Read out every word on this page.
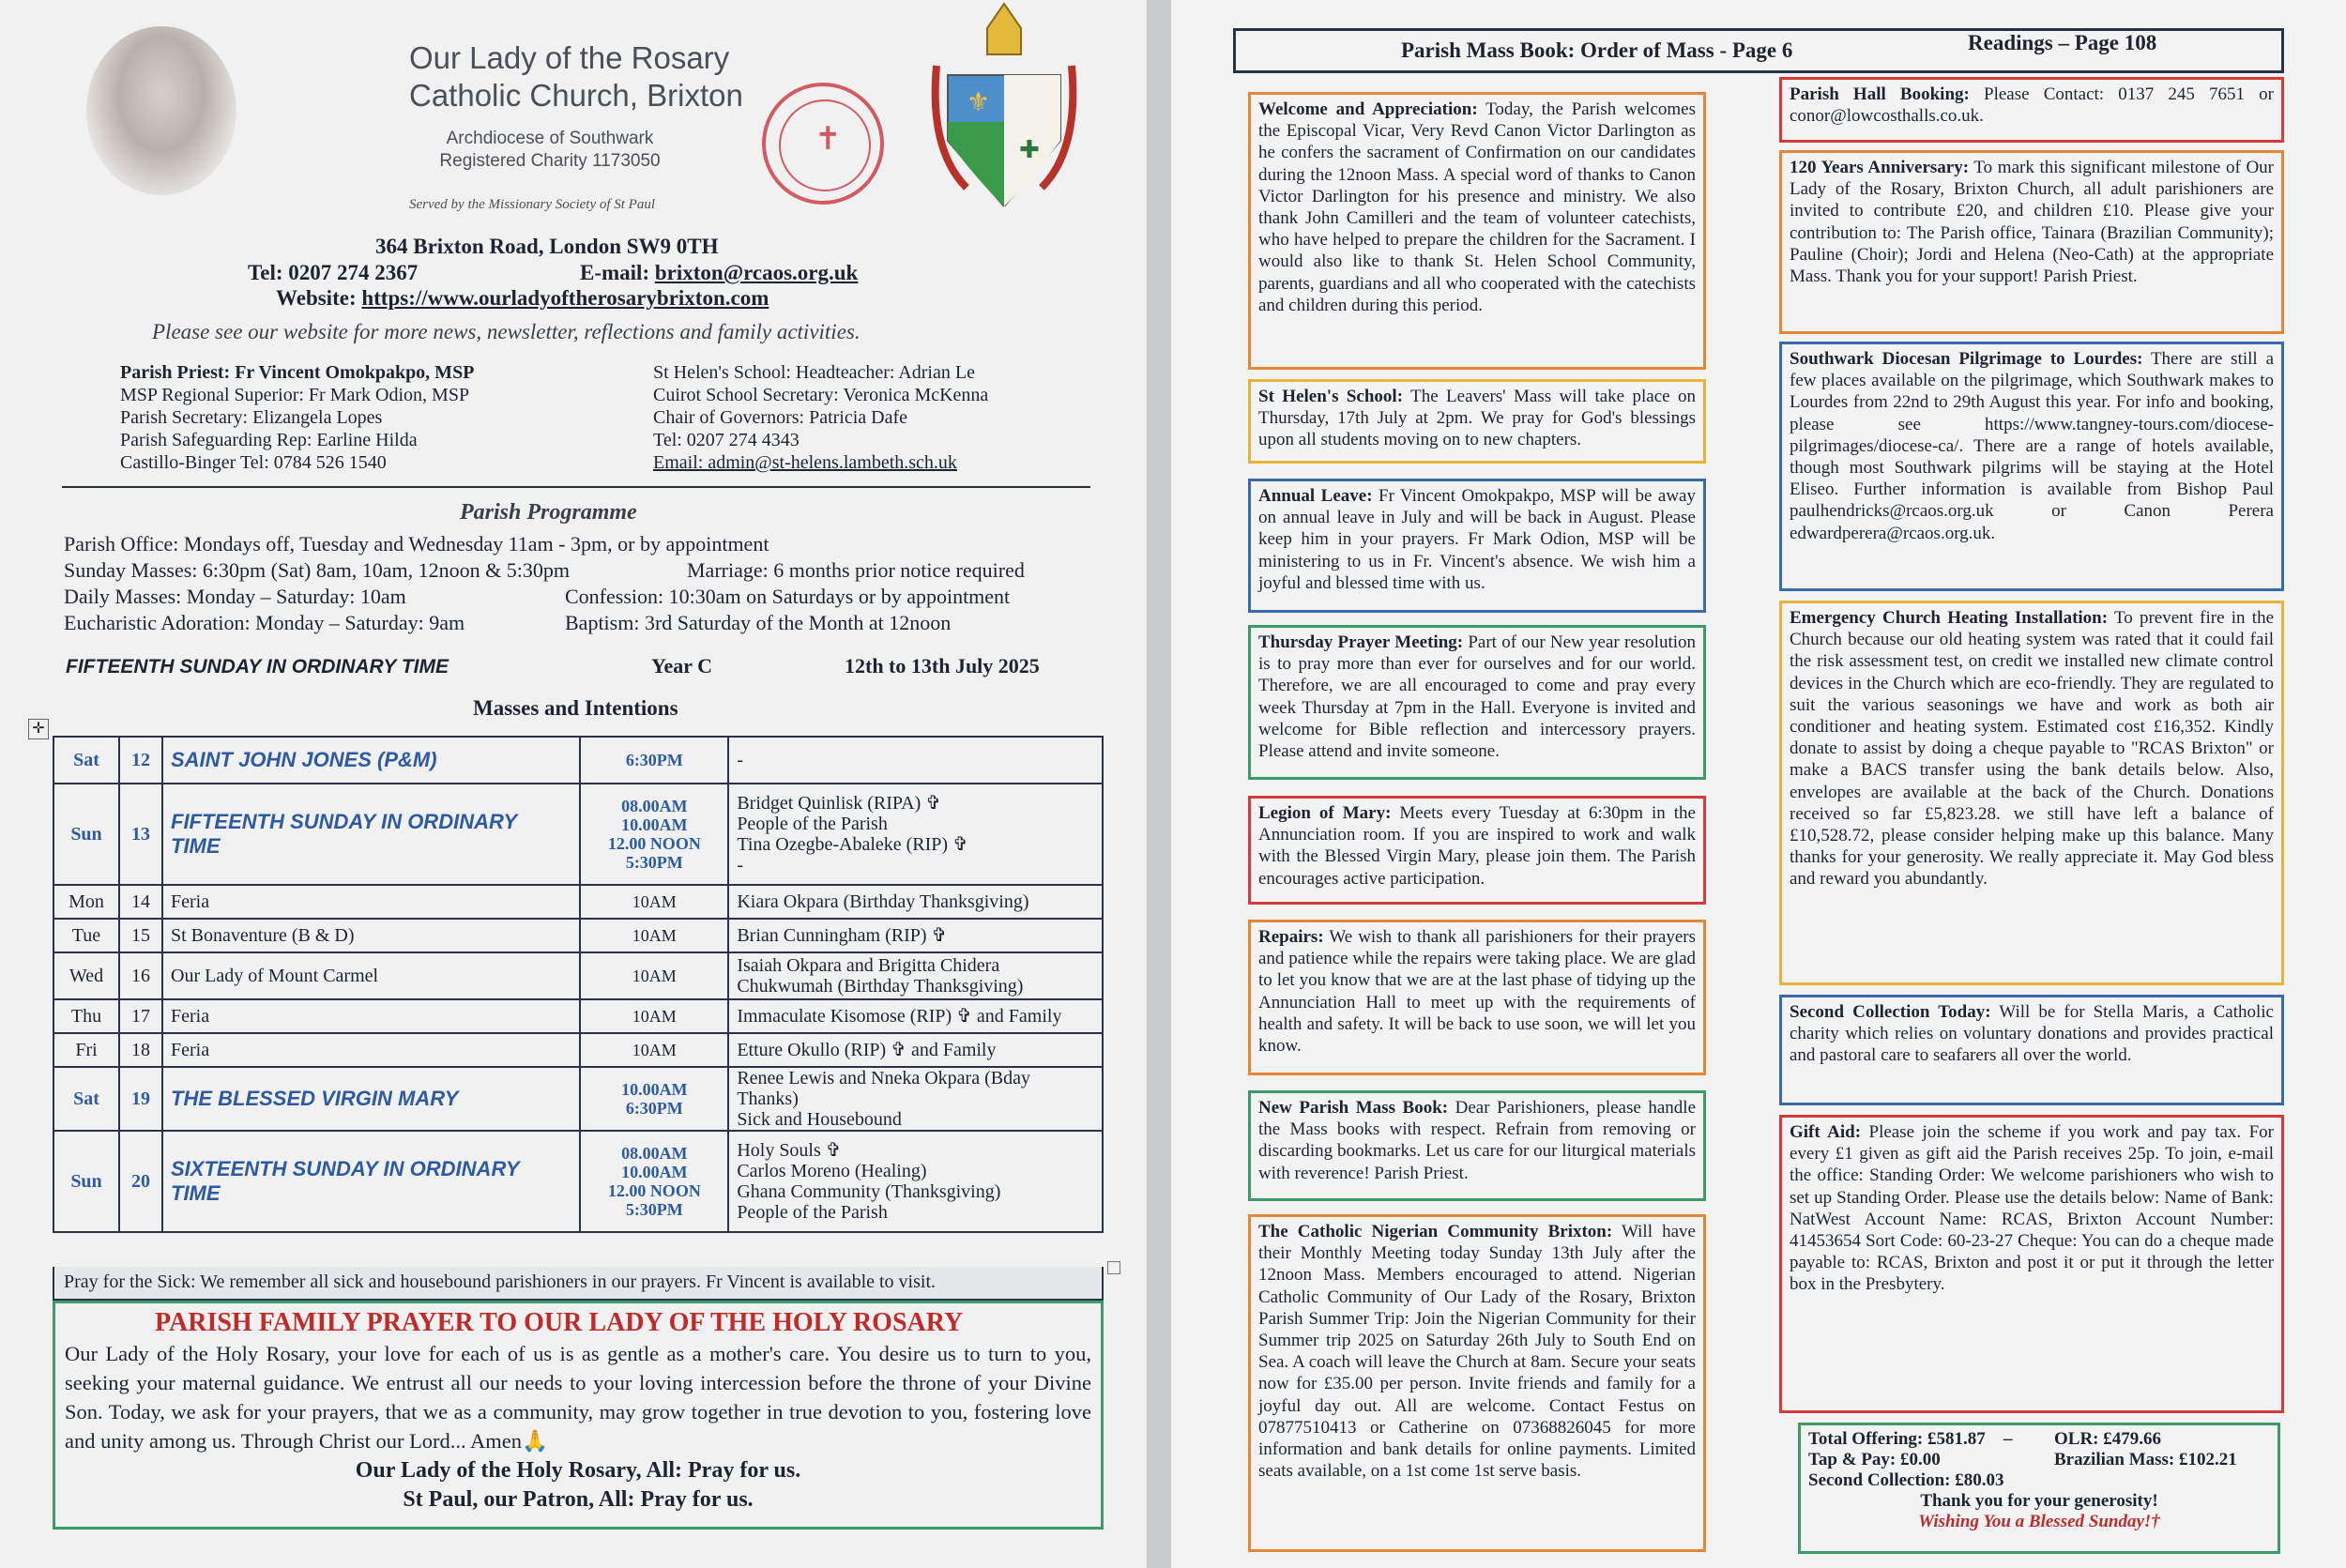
Our Lady of the Rosary
Catholic Church, Brixton
Archdiocese of Southwark
Registered Charity 1173050
Served by the Missionary Society of St Paul
✝
⚜
✚
364 Brixton Road, London SW9 0TH
Tel: 0207 274 2367	E-mail: brixton@rcaos.org.uk
Website: https://www.ourladyoftherosarybrixton.com
Please see our website for more news, newsletter, reflections and family activities.
Parish Priest: Fr Vincent Omokpakpo, MSP
MSP Regional Superior: Fr Mark Odion, MSP
Parish Secretary: Elizangela Lopes
Parish Safeguarding Rep: Earline Hilda
Castillo-Binger Tel: 0784 526 1540
St Helen's School: Headteacher: Adrian Le
Cuirot School Secretary: Veronica McKenna
Chair of Governors: Patricia Dafe
Tel: 0207 274 4343
Email: admin@st-helens.lambeth.sch.uk
Parish Programme
Parish Office: Mondays off, Tuesday and Wednesday 11am - 3pm, or by appointment
Sunday Masses: 6:30pm (Sat) 8am, 10am, 12noon & 5:30pm	Marriage: 6 months prior notice required
Daily Masses: Monday – Saturday: 10am	Confession: 10:30am on Saturdays or by appointment
Eucharistic Adoration: Monday – Saturday: 9am	Baptism: 3rd Saturday of the Month at 12noon
FIFTEENTH SUNDAY IN ORDINARY TIME	Year C	12th to 13th July 2025
Masses and Intentions
✛
Sat	12	SAINT JOHN JONES (P&M)	6:30PM	-
Sun	13	FIFTEENTH SUNDAY IN ORDINARY TIME	08.00AM
10.00AM
12.00 NOON
5:30PM	Bridget Quinlisk (RIPA) ✞
People of the Parish
Tina Ozegbe-Abaleke (RIP) ✞
-
Mon	14	Feria	10AM	Kiara Okpara (Birthday Thanksgiving)
Tue	15	St Bonaventure (B & D)	10AM	Brian Cunningham (RIP) ✞
Wed	16	Our Lady of Mount Carmel	10AM	Isaiah Okpara and Brigitta Chidera
Chukwumah (Birthday Thanksgiving)
Thu	17	Feria	10AM	Immaculate Kisomose (RIP) ✞ and Family
Fri	18	Feria	10AM	Etture Okullo (RIP) ✞ and Family
Sat	19	THE BLESSED VIRGIN MARY	10.00AM
6:30PM	Renee Lewis and Nneka Okpara (Bday Thanks)
Sick and Housebound
Sun	20	SIXTEENTH SUNDAY IN ORDINARY TIME	08.00AM
10.00AM
12.00 NOON
5:30PM	Holy Souls ✞
Carlos Moreno (Healing)
Ghana Community (Thanksgiving)
People of the Parish
Pray for the Sick: We remember all sick and housebound parishioners in our prayers. Fr Vincent is available to visit.
PARISH FAMILY PRAYER TO OUR LADY OF THE HOLY ROSARY
Our Lady of the Holy Rosary, your love for each of us is as gentle as a mother's care. You desire us to turn to you, seeking your maternal guidance. We entrust all our needs to your loving intercession before the throne of your Divine Son. Today, we ask for your prayers, that we as a community, may grow together in true devotion to you, fostering love and unity among us. Through Christ our Lord... Amen🙏
Our Lady of the Holy Rosary, All: Pray for us.
St Paul, our Patron, All: Pray for us.
Parish Mass Book: Order of Mass - Page 6	Readings – Page 108
Welcome and Appreciation: Today, the Parish welcomes the Episcopal Vicar, Very Revd Canon Victor Darlington as he confers the sacrament of Confirmation on our candidates during the 12noon Mass. A special word of thanks to Canon Victor Darlington for his presence and ministry. We also thank John Camilleri and the team of volunteer catechists, who have helped to prepare the children for the Sacrament. I would also like to thank St. Helen School Community, parents, guardians and all who cooperated with the catechists and children during this period.
St Helen's School: The Leavers' Mass will take place on Thursday, 17th July at 2pm. We pray for God's blessings upon all students moving on to new chapters.
Annual Leave: Fr Vincent Omokpakpo, MSP will be away on annual leave in July and will be back in August. Please keep him in your prayers. Fr Mark Odion, MSP will be ministering to us in Fr. Vincent's absence. We wish him a joyful and blessed time with us.
Thursday Prayer Meeting: Part of our New year resolution is to pray more than ever for ourselves and for our world. Therefore, we are all encouraged to come and pray every week Thursday at 7pm in the Hall. Everyone is invited and welcome for Bible reflection and intercessory prayers. Please attend and invite someone.
Legion of Mary: Meets every Tuesday at 6:30pm in the Annunciation room. If you are inspired to work and walk with the Blessed Virgin Mary, please join them. The Parish encourages active participation.
Repairs: We wish to thank all parishioners for their prayers and patience while the repairs were taking place. We are glad to let you know that we are at the last phase of tidying up the Annunciation Hall to meet up with the requirements of health and safety. It will be back to use soon, we will let you know.
New Parish Mass Book: Dear Parishioners, please handle the Mass books with respect. Refrain from removing or discarding bookmarks. Let us care for our liturgical materials with reverence! Parish Priest.
The Catholic Nigerian Community Brixton: Will have their Monthly Meeting today Sunday 13th July after the 12noon Mass. Members encouraged to attend. Nigerian Catholic Community of Our Lady of the Rosary, Brixton Parish Summer Trip: Join the Nigerian Community for their Summer trip 2025 on Saturday 26th July to South End on Sea. A coach will leave the Church at 8am. Secure your seats now for £35.00 per person. Invite friends and family for a joyful day out. All are welcome. Contact Festus on 07877510413 or Catherine on 07368826045 for more information and bank details for online payments. Limited seats available, on a 1st come 1st serve basis.
Parish Hall Booking: Please Contact: 0137 245 7651 or conor@lowcosthalls.co.uk.
120 Years Anniversary: To mark this significant milestone of Our Lady of the Rosary, Brixton Church, all adult parishioners are invited to contribute £20, and children £10. Please give your contribution to: The Parish office, Tainara (Brazilian Community); Pauline (Choir); Jordi and Helena (Neo-Cath) at the appropriate Mass. Thank you for your support! Parish Priest.
Southwark Diocesan Pilgrimage to Lourdes: There are still a few places available on the pilgrimage, which Southwark makes to Lourdes from 22nd to 29th August this year. For info and booking, please see https://www.tangney-tours.com/diocese-pilgrimages/diocese-ca/. There are a range of hotels available, though most Southwark pilgrims will be staying at the Hotel Eliseo. Further information is available from Bishop Paul paulhendricks@rcaos.org.uk or Canon Perera edwardperera@rcaos.org.uk.
Emergency Church Heating Installation: To prevent fire in the Church because our old heating system was rated that it could fail the risk assessment test, on credit we installed new climate control devices in the Church which are eco-friendly. They are regulated to suit the various seasonings we have and work as both air conditioner and heating system. Estimated cost £16,352. Kindly donate to assist by doing a cheque payable to "RCAS Brixton" or make a BACS transfer using the bank details below. Also, envelopes are available at the back of the Church. Donations received so far £5,823.28. we still have left a balance of £10,528.72, please consider helping make up this balance. Many thanks for your generosity. We really appreciate it. May God bless and reward you abundantly.
Second Collection Today: Will be for Stella Maris, a Catholic charity which relies on voluntary donations and provides practical and pastoral care to seafarers all over the world.
Gift Aid: Please join the scheme if you work and pay tax. For every £1 given as gift aid the Parish receives 25p. To join, e-mail the office: Standing Order: We welcome parishioners who wish to set up Standing Order. Please use the details below: Name of Bank: NatWest Account Name: RCAS, Brixton Account Number: 41453654 Sort Code: 60-23-27 Cheque: You can do a cheque made payable to: RCAS, Brixton and post it or put it through the letter box in the Presbytery.
Total Offering: £581.87 – OLR: £479.66
Tap & Pay: £0.00	Brazilian Mass: £102.21
Second Collection: £80.03
Thank you for your generosity!
Wishing You a Blessed Sunday!†
